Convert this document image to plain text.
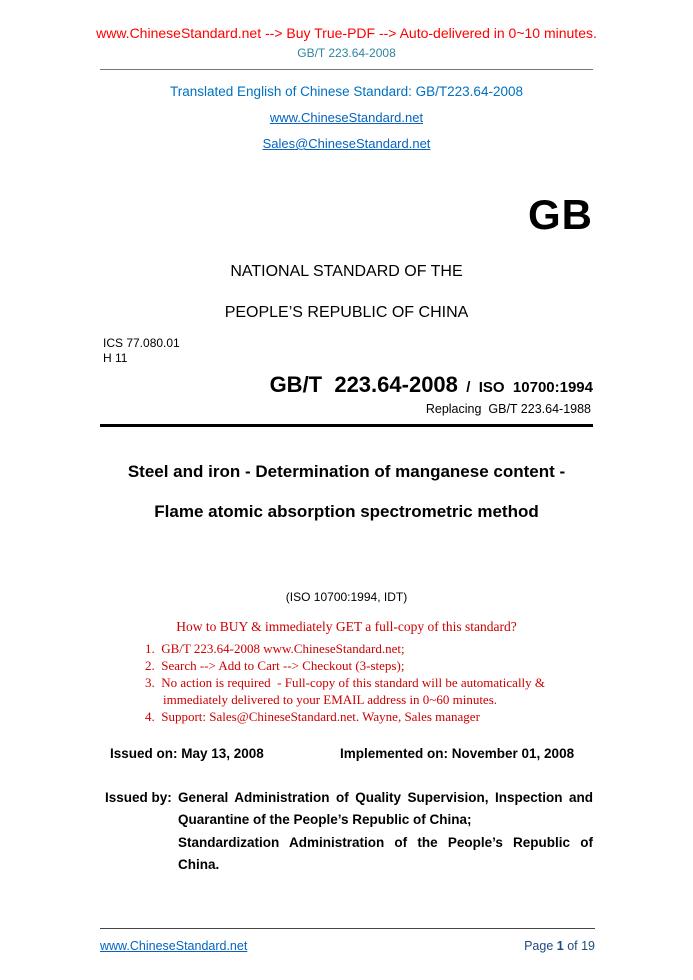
www.ChineseStandard.net --> Buy True-PDF --> Auto-delivered in 0~10 minutes.
GB/T 223.64-2008
Translated English of Chinese Standard: GB/T223.64-2008
www.ChineseStandard.net
Sales@ChineseStandard.net
GB
NATIONAL STANDARD OF THE
PEOPLE’S REPUBLIC OF CHINA
ICS 77.080.01
H 11
GB/T  223.64-2008  /  ISO  10700:1994
Replacing  GB/T 223.64-1988
Steel and iron - Determination of manganese content -
Flame atomic absorption spectrometric method
(ISO 10700:1994, IDT)
How to BUY & immediately GET a full-copy of this standard?
1.  GB/T 223.64-2008 www.ChineseStandard.net;
2.  Search --> Add to Cart --> Checkout (3-steps);
3.  No action is required  - Full-copy of this standard will be automatically &
immediately delivered to your EMAIL address in 0~60 minutes.
4.  Support: Sales@ChineseStandard.net. Wayne, Sales manager
Issued on: May 13, 2008	Implemented on: November 01, 2008
Issued by: General Administration of Quality Supervision, Inspection and
Quarantine of the People’s Republic of China;
Standardization Administration of the People’s Republic of
China.
www.ChineseStandard.net	Page 1 of 19
